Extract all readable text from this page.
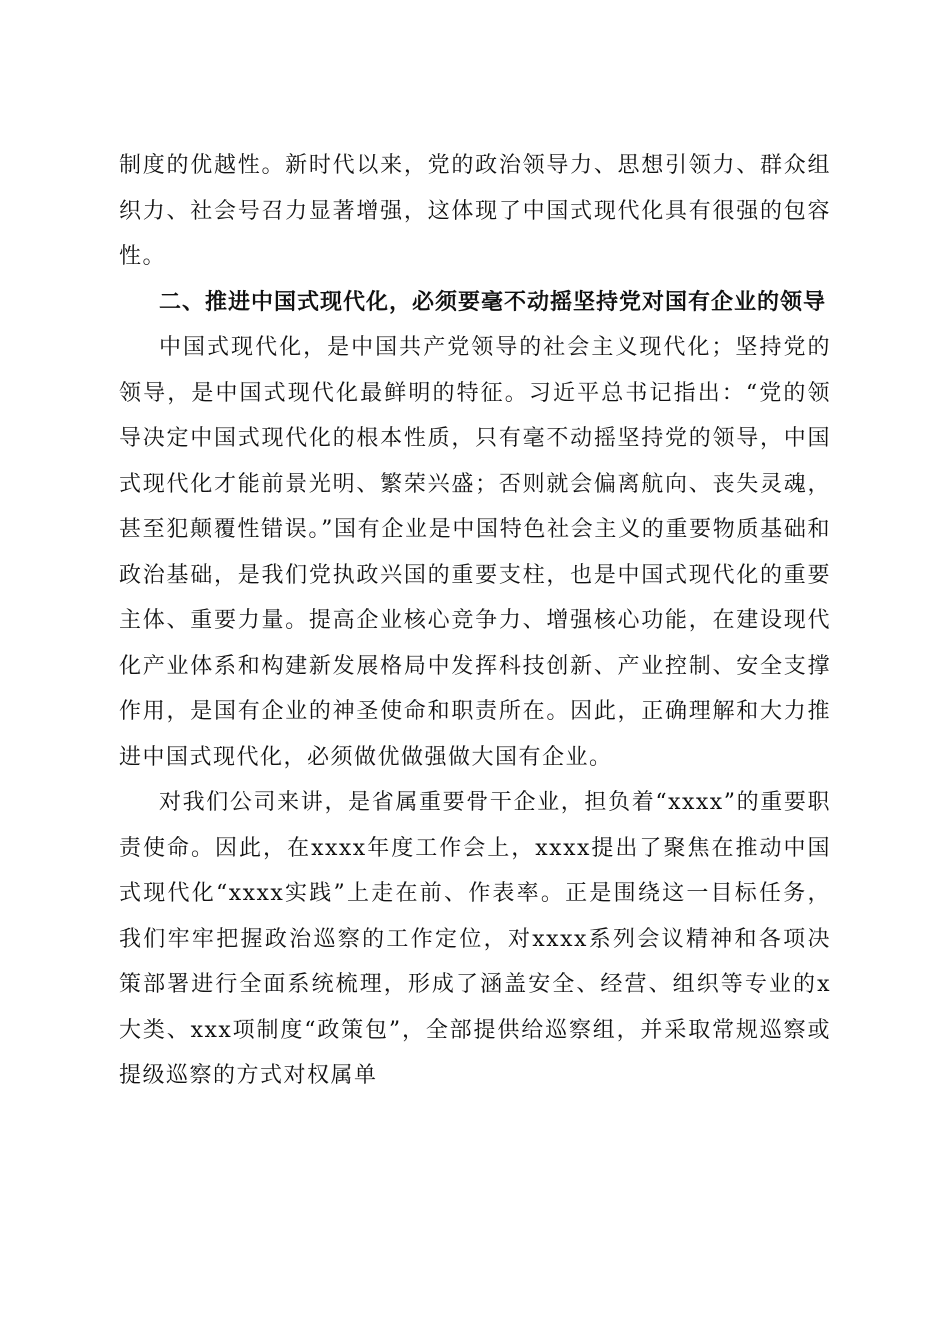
制度的优越性。新时代以来，党的政治领导力、思想引领力、群众组织力、社会号召力显著增强，这体现了中国式现代化具有很强的包容性。

二、推进中国式现代化，必须要毫不动摇坚持党对国有企业的领导

中国式现代化，是中国共产党领导的社会主义现代化；坚持党的领导，是中国式现代化最鲜明的特征。习近平总书记指出：“党的领导决定中国式现代化的根本性质，只有毫不动摇坚持党的领导，中国式现代化才能前景光明、繁荣兴盛；否则就会偏离航向、丧失灵魂，甚至犯颠覆性错误。”国有企业是中国特色社会主义的重要物质基础和政治基础，是我们党执政兴国的重要支柱，也是中国式现代化的重要主体、重要力量。提高企业核心竞争力、增强核心功能，在建设现代化产业体系和构建新发展格局中发挥科技创新、产业控制、安全支撑作用，是国有企业的神圣使命和职责所在。因此，正确理解和大力推进中国式现代化，必须做优做强做大国有企业。

对我们公司来讲，是省属重要骨干企业，担负着“xxxx”的重要职责使命。因此，在xxxx年度工作会上，xxxx提出了聚焦在推动中国式现代化“xxxx实践”上走在前、作表率。正是围绕这一目标任务，我们牢牢把握政治巡察的工作定位，对xxxx系列会议精神和各项决策部署进行全面系统梳理，形成了涵盖安全、经营、组织等专业的x大类、xxx项制度“政策包”，全部提供给巡察组，并采取常规巡察或提级巡察的方式对权属单
